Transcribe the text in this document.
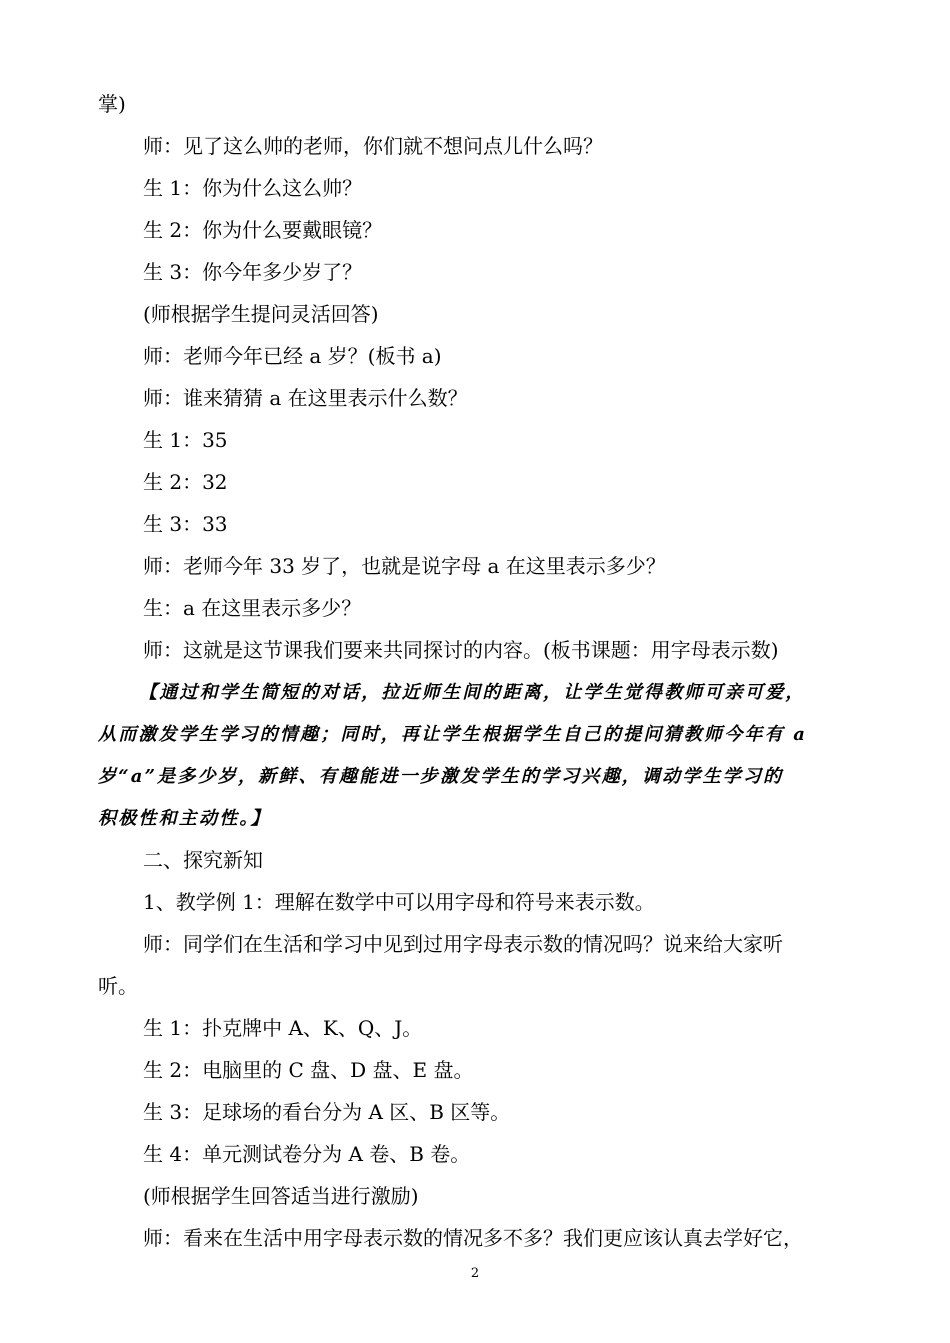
掌)
师：见了这么帅的老师，你们就不想问点儿什么吗？
生 1：你为什么这么帅？
生 2：你为什么要戴眼镜？
生 3：你今年多少岁了？
(师根据学生提问灵活回答)
师：老师今年已经 a 岁？(板书 a)
师：谁来猜猜 a 在这里表示什么数？
生 1：35
生 2：32
生 3：33
师：老师今年 33 岁了，也就是说字母 a 在这里表示多少？
生：a 在这里表示多少？
师：这就是这节课我们要来共同探讨的内容。(板书课题：用字母表示数)
【通过和学生简短的对话，拉近师生间的距离，让学生觉得教师可亲可爱，
从而激发学生学习的情趣；同时，再让学生根据学生自己的提问猜教师今年有 a
岁“a”是多少岁，新鲜、有趣能进一步激发学生的学习兴趣，调动学生学习的
积极性和主动性。】
二、探究新知
1、教学例 1：理解在数学中可以用字母和符号来表示数。
师：同学们在生活和学习中见到过用字母表示数的情况吗？说来给大家听
听。
生 1：扑克牌中 A、K、Q、J。
生 2：电脑里的 C 盘、D 盘、E 盘。
生 3：足球场的看台分为 A 区、B 区等。
生 4：单元测试卷分为 A 卷、B 卷。
(师根据学生回答适当进行激励)
师：看来在生活中用字母表示数的情况多不多？我们更应该认真去学好它，
2
